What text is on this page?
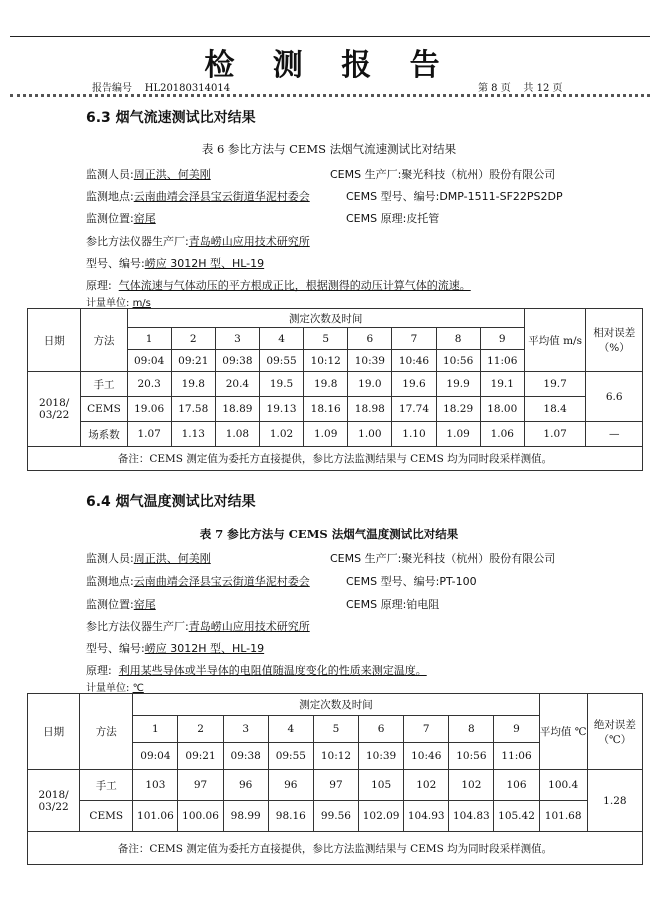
检 测 报 告
报告编号 HL20180314014	第 8 页    共 12 页
6.3 烟气流速测试比对结果
表 6 参比方法与 CEMS 法烟气流速测试比对结果
监测人员:周正洪、何美刚	CEMS 生产厂:聚光科技（杭州）股份有限公司
监测地点:云南曲靖会泽县宝云街道华泥村委会	CEMS 型号、编号:DMP-1511-SF22PS2DP
监测位置:窑尾	CEMS 原理:皮托管
参比方法仪器生产厂:青岛崂山应用技术研究所
型号、编号:崂应 3012H 型、HL-19
原理: 气体流速与气体动压的平方根成正比，根据测得的动压计算气体的流速。
计量单位: m/s
日期	方法	测定次数及时间									平均值 m/s	相对误差（%）
		1	2	3	4	5	6	7	8	9		
		09:04	09:21	09:38	09:55	10:12	10:39	10:46	10:56	11:06		
2018/ 03/22	手工	20.3	19.8	20.4	19.5	19.8	19.0	19.6	19.9	19.1	19.7	6.6
	CEMS	19.06	17.58	18.89	19.13	18.16	18.98	17.74	18.29	18.00	18.4	
	场系数	1.07	1.13	1.08	1.02	1.09	1.00	1.10	1.09	1.06	1.07	—
备注：CEMS 测定值为委托方直接提供，参比方法监测结果与 CEMS 均为同时段采样测值。												
6.4 烟气温度测试比对结果
表 7 参比方法与 CEMS 法烟气温度测试比对结果
监测人员:周正洪、何美刚	CEMS 生产厂:聚光科技（杭州）股份有限公司
监测地点:云南曲靖会泽县宝云街道华泥村委会	CEMS 型号、编号:PT-100
监测位置:窑尾	CEMS 原理:铂电阻
参比方法仪器生产厂:青岛崂山应用技术研究所
型号、编号:崂应 3012H 型、HL-19
原理: 利用某些导体或半导体的电阻值随温度变化的性质来测定温度。
计量单位: ℃
日期	方法	测定次数及时间									平均值 ℃	绝对误差（℃）
		1	2	3	4	5	6	7	8	9		
		09:04	09:21	09:38	09:55	10:12	10:39	10:46	10:56	11:06		
2018/ 03/22	手工	103	97	96	96	97	105	102	102	106	100.4	1.28
	CEMS	101.06	100.06	98.99	98.16	99.56	102.09	104.93	104.83	105.42	101.68	
备注：CEMS 测定值为委托方直接提供，参比方法监测结果与 CEMS 均为同时段采样测值。												
